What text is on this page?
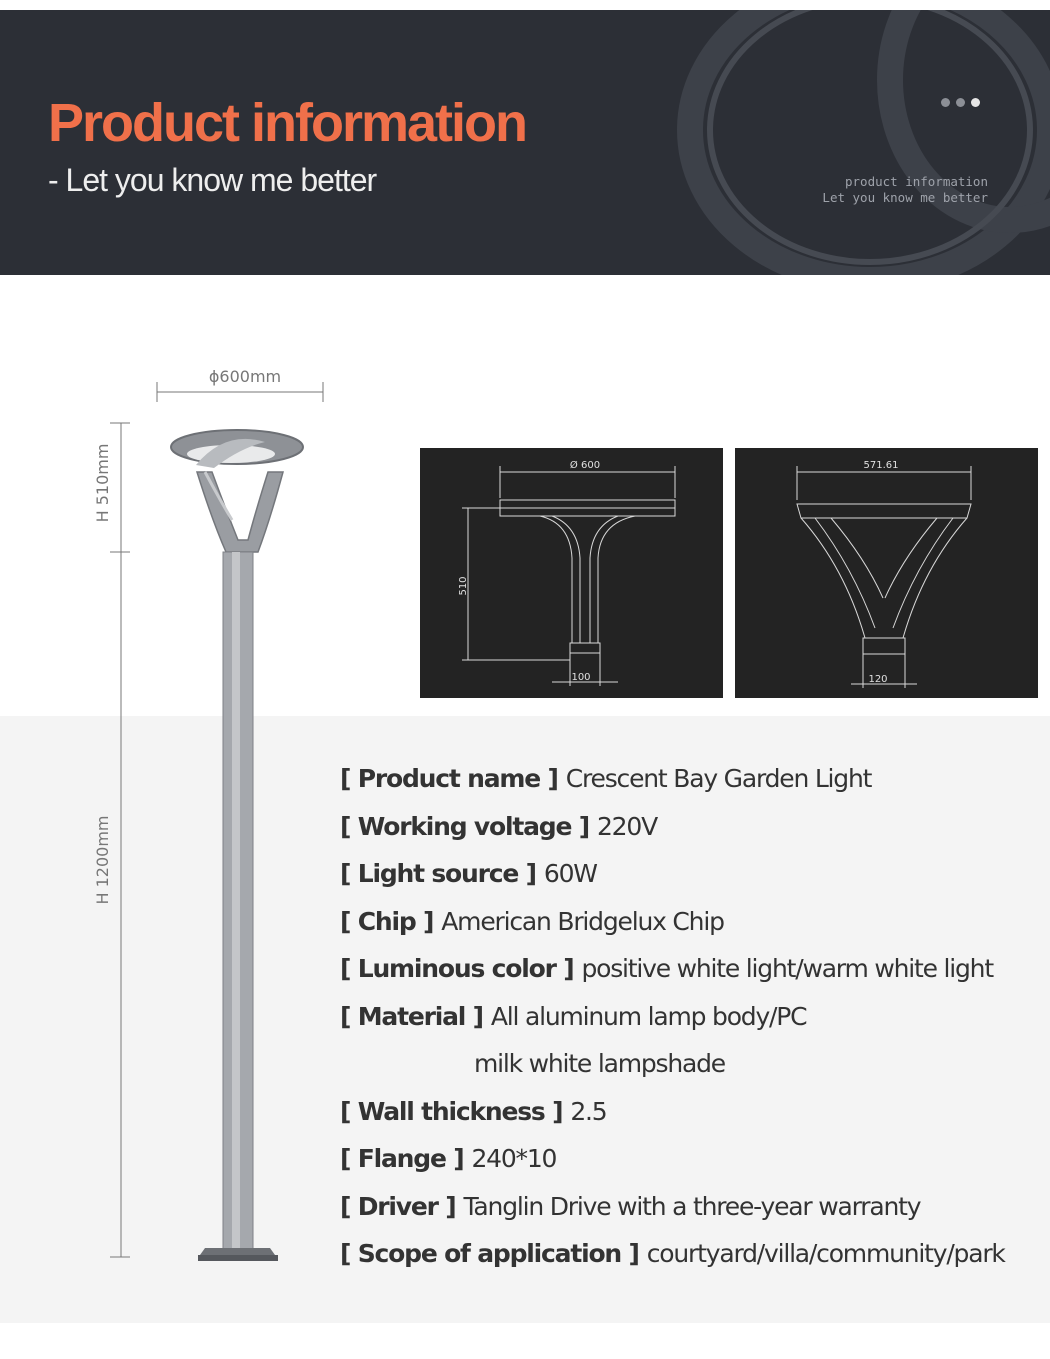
Product information
- Let you know me better	product information
Let you know me better
ϕ600mm
H 510mm
H 1200mm
Ø 600
510
100
571.61
120
[ Product name ] Crescent Bay Garden Light
[ Working voltage ] 220V
[ Light source ] 60W
[ Chip ] American Bridgelux Chip
[ Luminous color ] positive white light/warm white light
[ Material ] All aluminum lamp body/PC
milk white lampshade
[ Wall thickness ] 2.5
[ Flange ] 240*10
[ Driver ] Tanglin Drive with a three-year warranty
[ Scope of application ] courtyard/villa/community/park
